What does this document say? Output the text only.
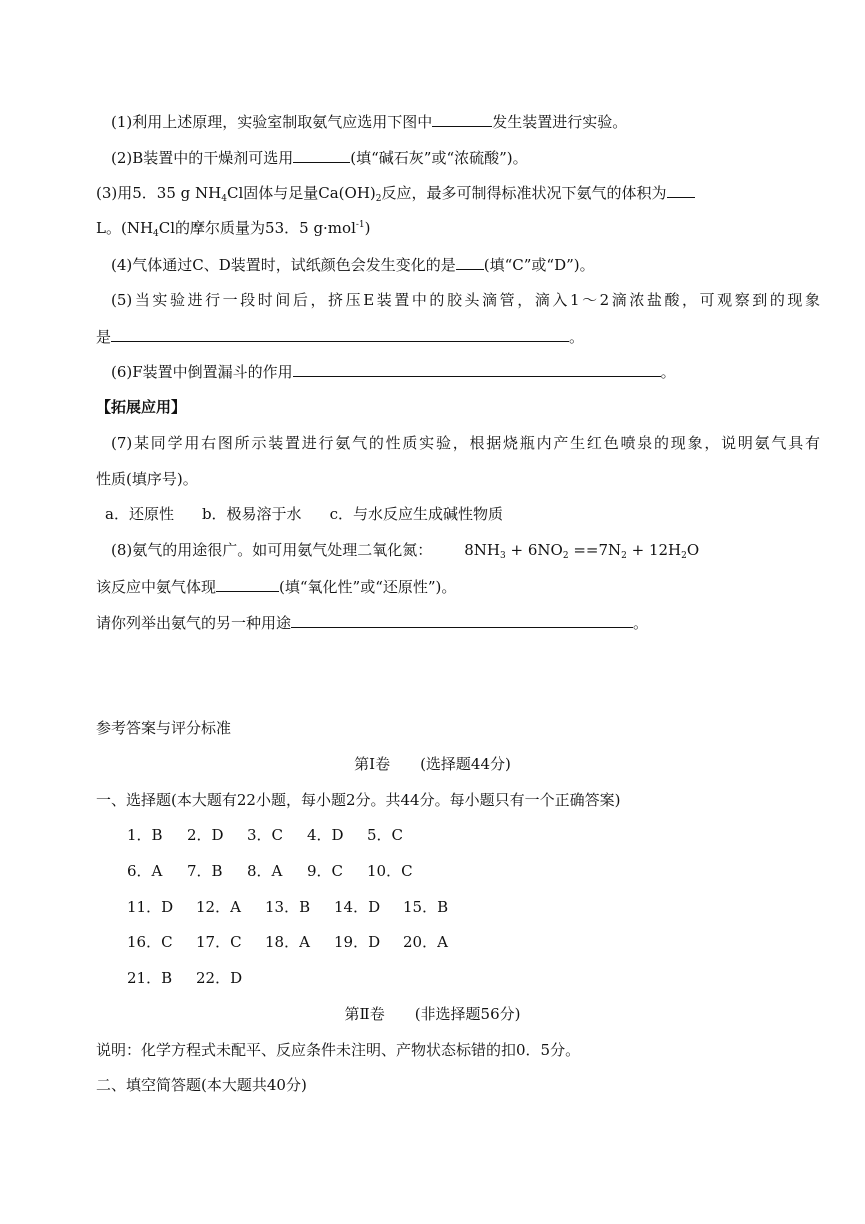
(1)利用上述原理，实验室制取氨气应选用下图中	发生装置进行实验。
(2)B装置中的干燥剂可选用	(填“碱石灰”或“浓硫酸”)。
(3)用5．35 g $NH_4Cl$固体与足量$Ca(OH)_2$反应，最多可制得标准状况下氨气的体积为
L。($NH_4Cl$的摩尔质量为53．5 g·mol$^{-1}$)
(4)气体通过C、D装置时，试纸颜色会发生变化的是 (填“C”或“D”)。
(5)当实验进行一段时间后，挤压E装置中的胶头滴管，滴入1～2滴浓盐酸，可观察到的现象
是	。
(6)F装置中倒置漏斗的作用	。
【拓展应用】
(7)某同学用右图所示装置进行氨气的性质实验，根据烧瓶内产生红色喷泉的现象，说明氨气具有
性质(填序号)。
a．还原性 b．极易溶于水 c．与水反应生成碱性物质
(8)氨气的用途很广。如可用氨气处理二氧化氮： $8NH_3 + 6NO_2 ==7N_2 + 12H_2O$
该反应中氨气体现	(填“氧化性”或“还原性”)。
请你列举出氨气的另一种用途	。
参考答案与评分标准
第Ⅰ卷　　(选择题44分)
一、选择题(本大题有22小题，每小题2分。共44分。每小题只有一个正确答案)
1．B 2．D 3．C 4．D 5．C
6．A 7．B 8．A 9．C 10．C
11．D 12．A 13．B 14．D 15．B
16．C 17．C 18．A 19．D 20．A
21．B 22．D
第Ⅱ卷　　(非选择题56分)
说明：化学方程式未配平、反应条件未注明、产物状态标错的扣0．5分。
二、填空简答题(本大题共40分)
